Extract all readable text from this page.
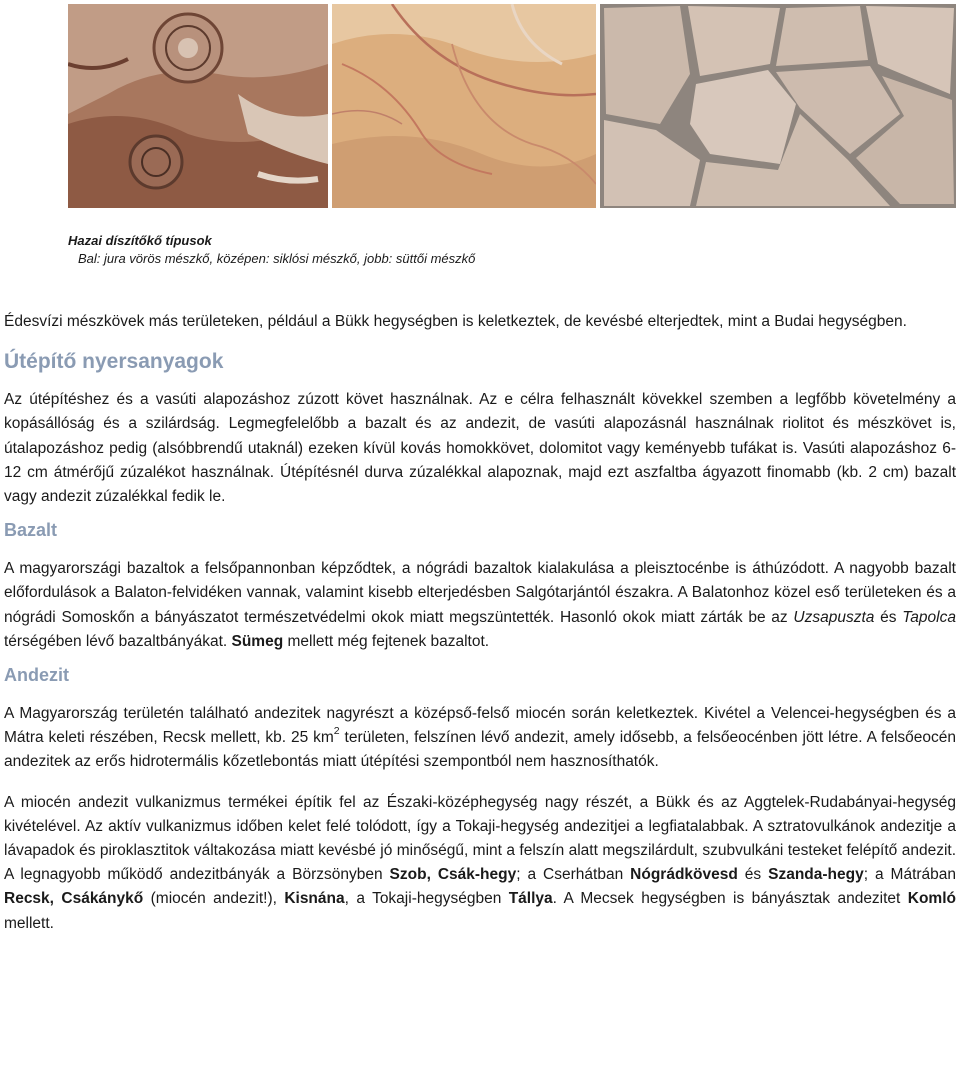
Hazai díszítőkő típusok
Bal: jura vörös mészkő, középen: siklósi mészkő, jobb: süttői mészkő

Édesvízi mészkövek más területeken, például a Bükk hegységben is keletkeztek, de kevésbé elterjedtek, mint a Budai hegységben.

Útépítő nyersanyagok

Az útépítéshez és a vasúti alapozáshoz zúzott követ használnak. Az e célra felhasznált kövekkel szemben a legfőbb követelmény a kopásállóság és a szilárdság. Legmegfelelőbb a bazalt és az andezit, de vasúti alapozásnál használnak riolitot és mészkövet is, útalapozáshoz pedig (alsóbbrendű utaknál) ezeken kívül kovás homokkövet, dolomitot vagy keményebb tufákat is. Vasúti alapozáshoz 6-12 cm átmérőjű zúzalékot használnak. Útépítésnél durva zúzalékkal alapoznak, majd ezt aszfaltba ágyazott finomabb (kb. 2 cm) bazalt vagy andezit zúzalékkal fedik le.

Bazalt

A magyarországi bazaltok a felsőpannonban képződtek, a nógrádi bazaltok kialakulása a pleisztocénbe is áthúzódott. A nagyobb bazalt előfordulások a Balaton-felvidéken vannak, valamint kisebb elterjedésben Salgótarjántól északra. A Balatonhoz közel eső területeken és a nógrádi Somoskőn a bányászatot természetvédelmi okok miatt megszüntették. Hasonló okok miatt zárták be az Uzsapuszta és Tapolca térségében lévő bazaltbányákat. Sümeg mellett még fejtenek bazaltot.

Andezit

A Magyarország területén található andezitek nagyrészt a középső-felső miocén során keletkeztek. Kivétel a Velencei-hegységben és a Mátra keleti részében, Recsk mellett, kb. 25 $km^2$ területen, felszínen lévő andezit, amely idősebb, a felsőeocénben jött létre. A felsőeocén andezitek az erős hidrotermális kőzetlebontás miatt útépítési szempontból nem hasznosíthatók.

A miocén andezit vulkanizmus termékei építik fel az Északi-középhegység nagy részét, a Bükk és az Aggtelek-Rudabányai-hegység kivételével. Az aktív vulkanizmus időben kelet felé tolódott, így a Tokaji-hegység andezitjei a legfiatalabbak. A sztratovulkánok andezitje a lávapadok és piroklasztitok váltakozása miatt kevésbé jó minőségű, mint a felszín alatt megszilárdult, szubvulkáni testeket felépítő andezit. A legnagyobb működő andezitbányák a Börzsönyben Szob, Csák-hegy; a Cserhátban Nógrádkövesd és Szanda-hegy; a Mátrában Recsk, Csákánykő (miocén andezit!), Kisnána, a Tokaji-hegységben Tállya. A Mecsek hegységben is bányásztak andezitet Komló mellett.
